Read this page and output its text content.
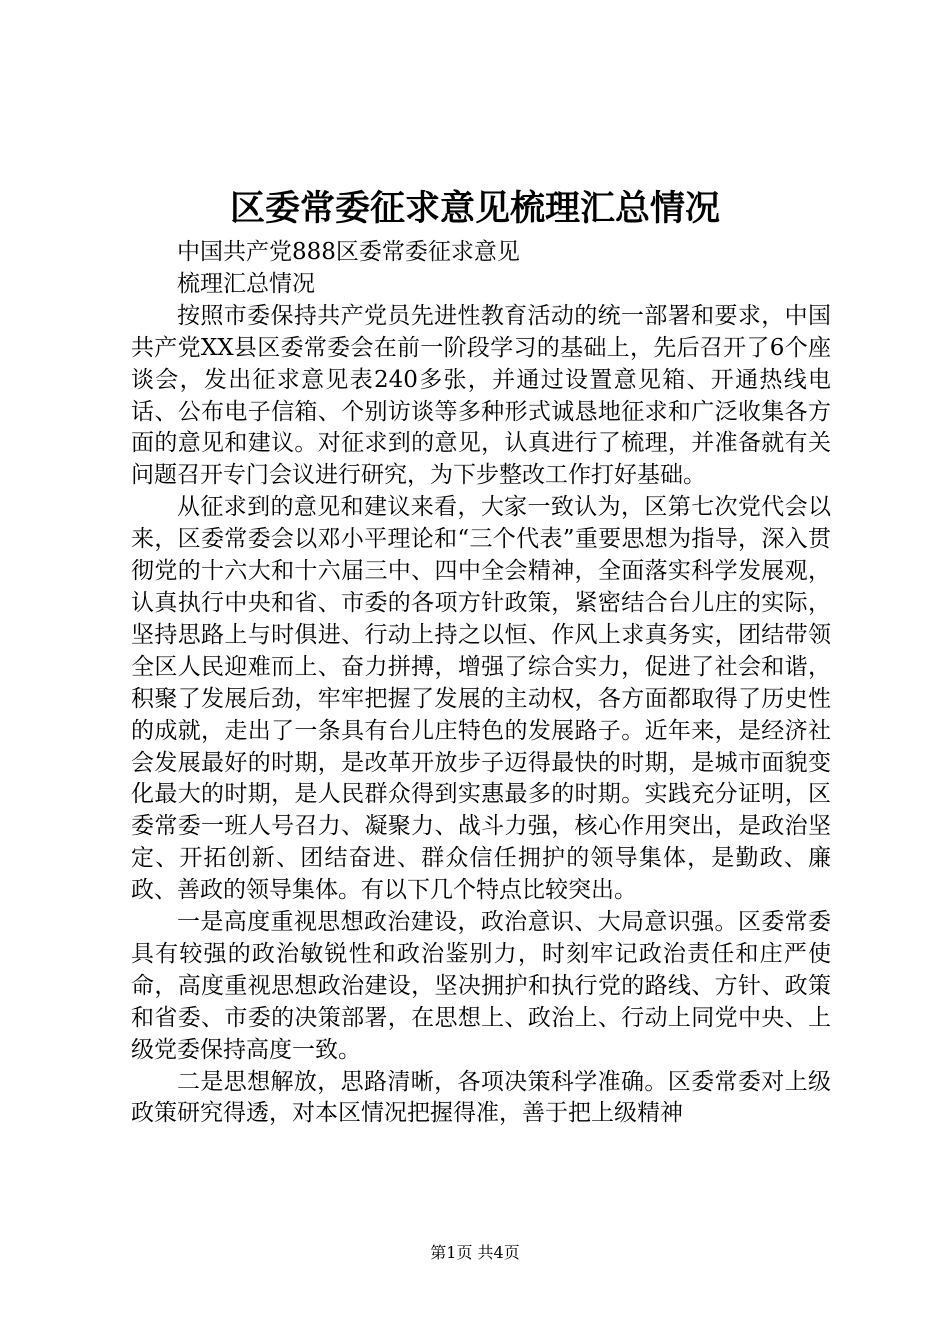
区委常委征求意见梳理汇总情况

中国共产党888区委常委征求意见

梳理汇总情况

按照市委保持共产党员先进性教育活动的统一部署和要求，中国共产党XX县区委常委会在前一阶段学习的基础上，先后召开了6个座谈会，发出征求意见表240多张，并通过设置意见箱、开通热线电话、公布电子信箱、个别访谈等多种形式诚恳地征求和广泛收集各方面的意见和建议。对征求到的意见，认真进行了梳理，并准备就有关问题召开专门会议进行研究，为下步整改工作打好基础。

从征求到的意见和建议来看，大家一致认为，区第七次党代会以来，区委常委会以邓小平理论和“三个代表”重要思想为指导，深入贯彻党的十六大和十六届三中、四中全会精神，全面落实科学发展观，认真执行中央和省、市委的各项方针政策，紧密结合台儿庄的实际，坚持思路上与时俱进、行动上持之以恒、作风上求真务实，团结带领全区人民迎难而上、奋力拼搏，增强了综合实力，促进了社会和谐，积聚了发展后劲，牢牢把握了发展的主动权，各方面都取得了历史性的成就，走出了一条具有台儿庄特色的发展路子。近年来，是经济社会发展最好的时期，是改革开放步子迈得最快的时期，是城市面貌变化最大的时期，是人民群众得到实惠最多的时期。实践充分证明，区委常委一班人号召力、凝聚力、战斗力强，核心作用突出，是政治坚定、开拓创新、团结奋进、群众信任拥护的领导集体，是勤政、廉政、善政的领导集体。有以下几个特点比较突出。

一是高度重视思想政治建设，政治意识、大局意识强。区委常委具有较强的政治敏锐性和政治鉴别力，时刻牢记政治责任和庄严使命，高度重视思想政治建设，坚决拥护和执行党的路线、方针、政策和省委、市委的决策部署，在思想上、政治上、行动上同党中央、上级党委保持高度一致。

二是思想解放，思路清晰，各项决策科学准确。区委常委对上级政策研究得透，对本区情况把握得准，善于把上级精神

第1页 共4页
